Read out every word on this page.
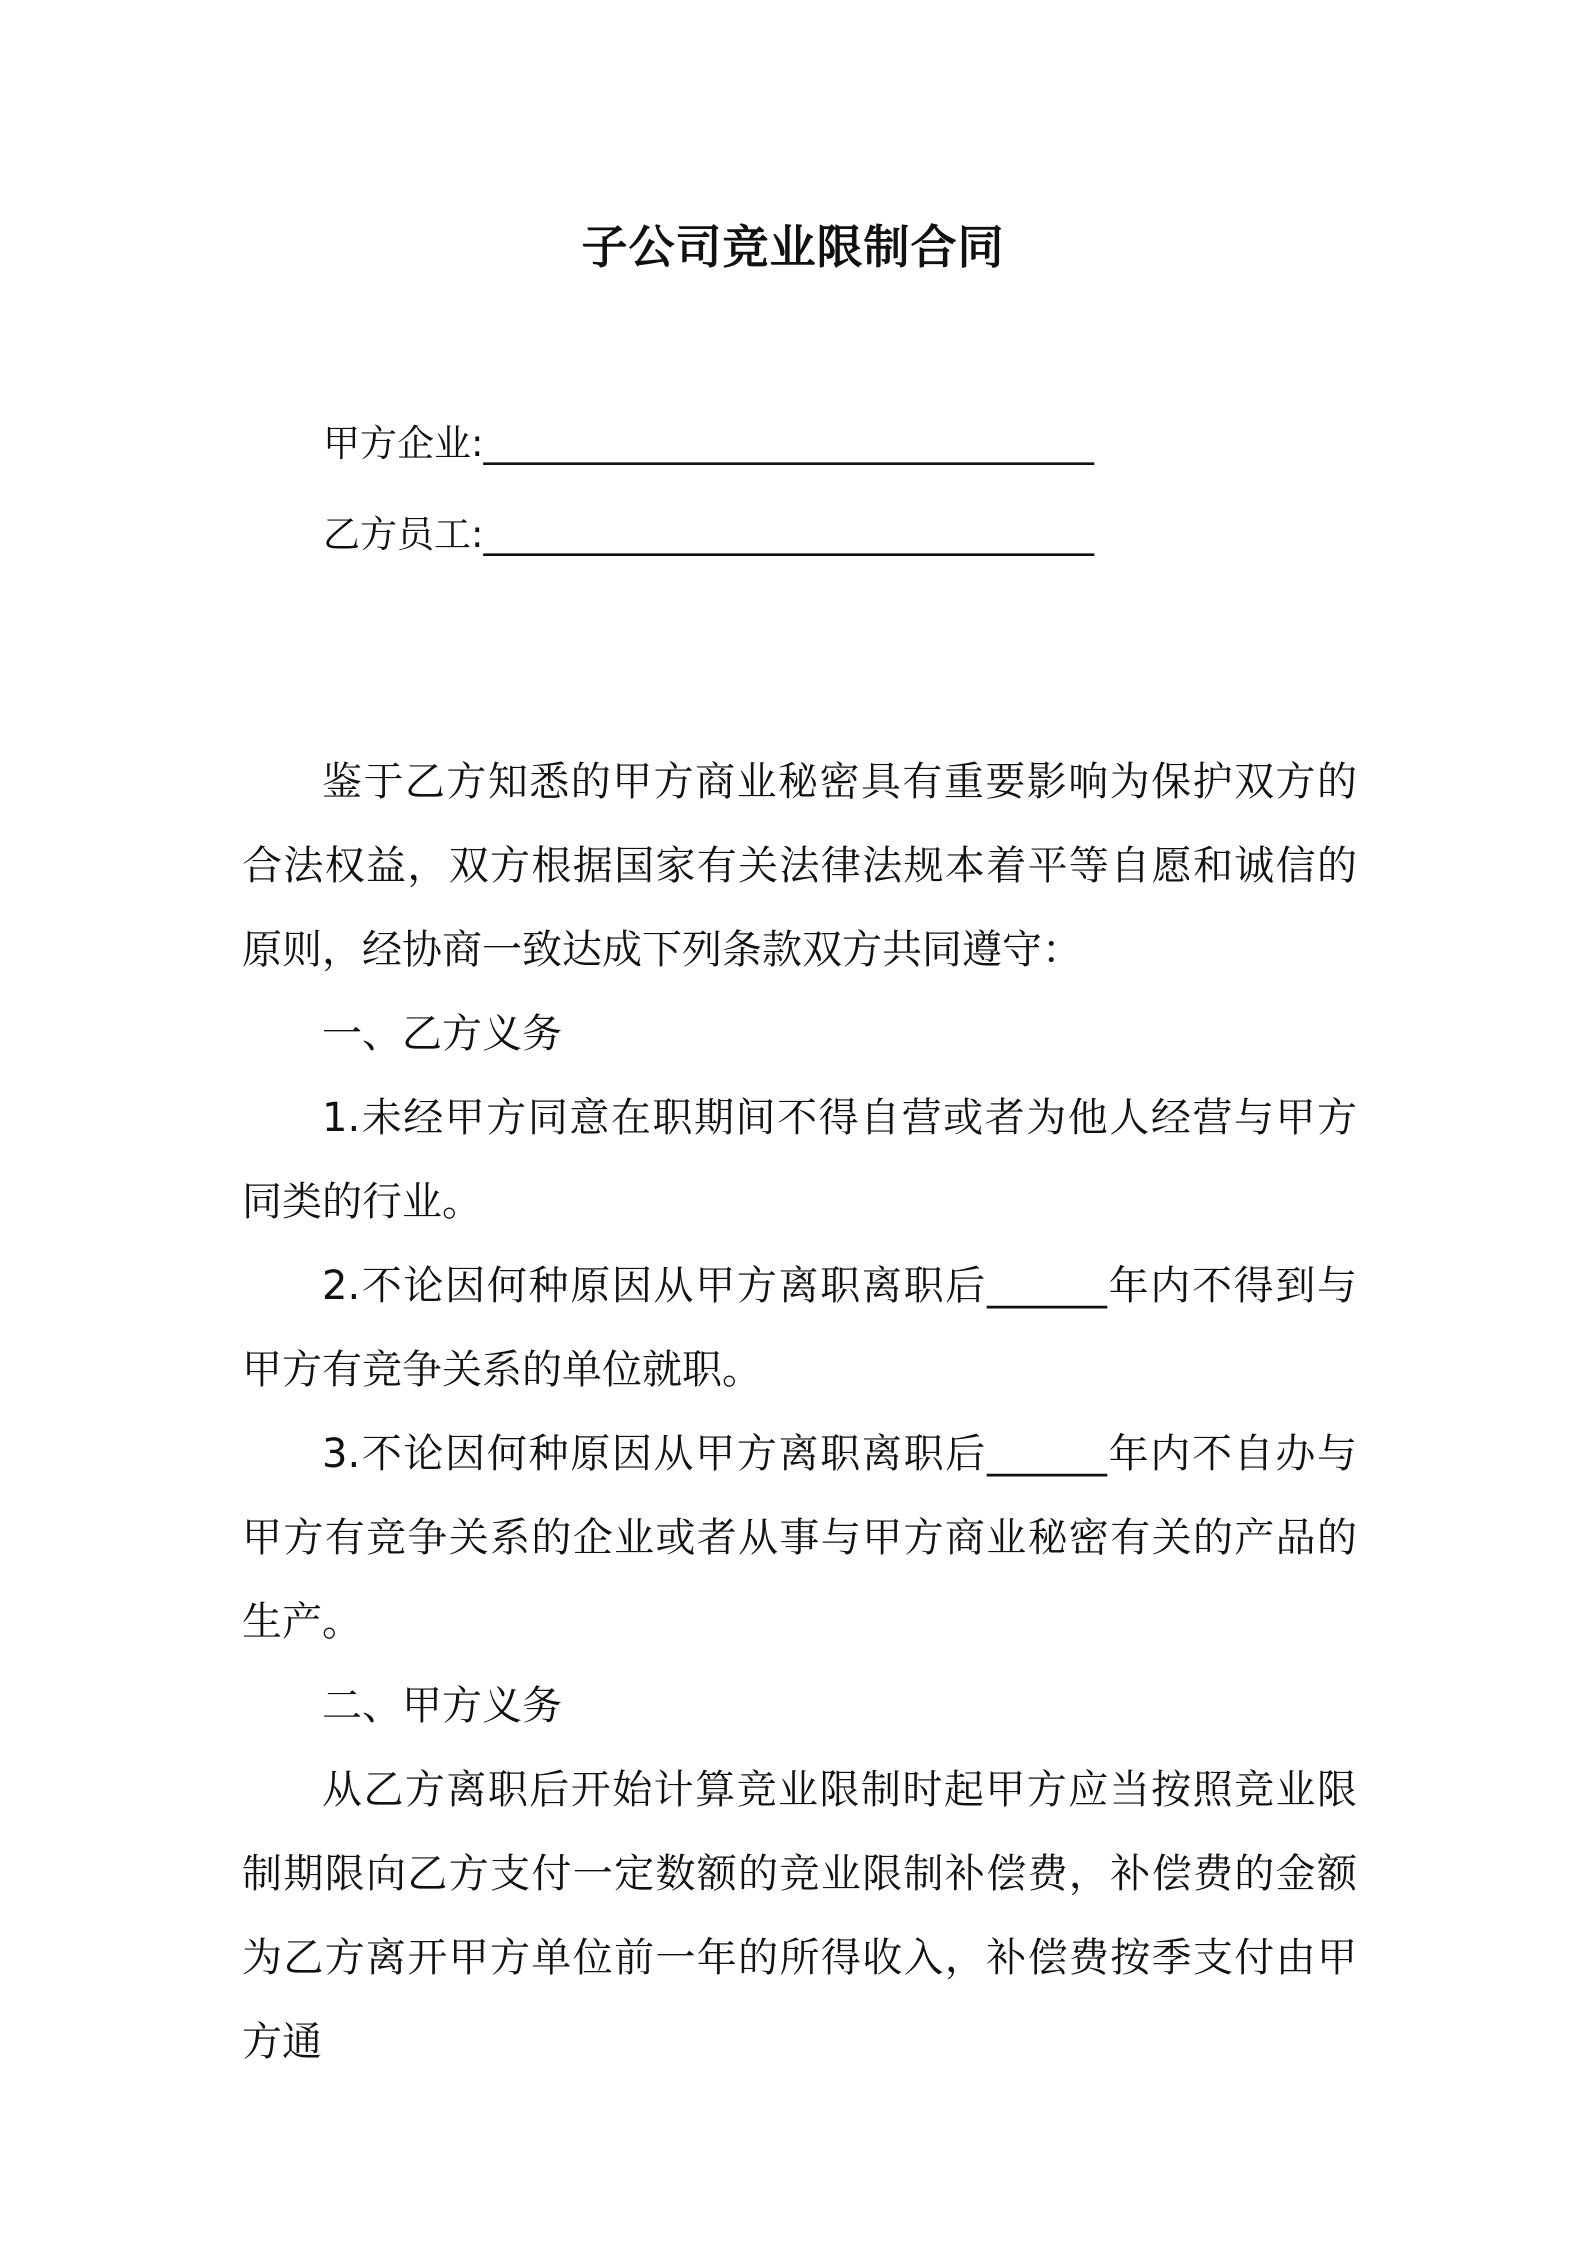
子公司竞业限制合同
甲方企业:_________________________________
乙方员工:_________________________________

鉴于乙方知悉的甲方商业秘密具有重要影响为保护双方的合法权益，双方根据国家有关法律法规本着平等自愿和诚信的原则，经协商一致达成下列条款双方共同遵守：

一、乙方义务

1.未经甲方同意在职期间不得自营或者为他人经营与甲方同类的行业。

2.不论因何种原因从甲方离职离职后______年内不得到与甲方有竞争关系的单位就职。

3.不论因何种原因从甲方离职离职后______年内不自办与甲方有竞争关系的企业或者从事与甲方商业秘密有关的产品的生产。

二、甲方义务

从乙方离职后开始计算竞业限制时起甲方应当按照竞业限制期限向乙方支付一定数额的竞业限制补偿费，补偿费的金额为乙方离开甲方单位前一年的所得收入，补偿费按季支付由甲方通
